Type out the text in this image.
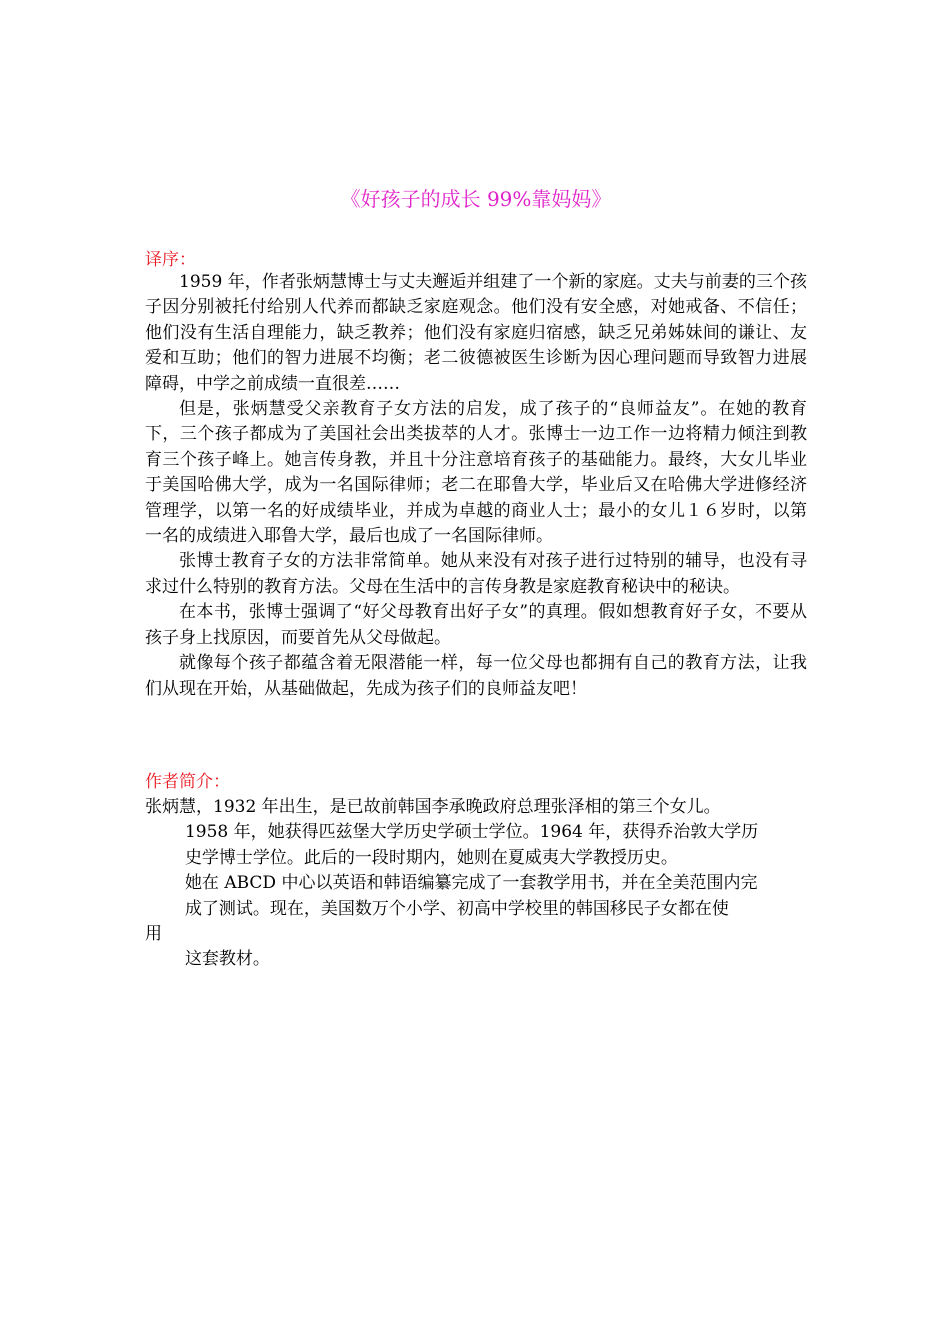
《好孩子的成长 99%靠妈妈》
译序：

1959 年，作者张炳慧博士与丈夫邂逅并组建了一个新的家庭。丈夫与前妻的三个孩子因分别被托付给别人代养而都缺乏家庭观念。他们没有安全感，对她戒备、不信任；他们没有生活自理能力，缺乏教养；他们没有家庭归宿感，缺乏兄弟姊妹间的谦让、友爱和互助；他们的智力进展不均衡；老二彼德被医生诊断为因心理问题而导致智力进展障碍，中学之前成绩一直很差……

但是，张炳慧受父亲教育子女方法的启发，成了孩子的“良师益友”。在她的教育下，三个孩子都成为了美国社会出类拔萃的人才。张博士一边工作一边将精力倾注到教育三个孩子峰上。她言传身教，并且十分注意培育孩子的基础能力。最终，大女儿毕业于美国哈佛大学，成为一名国际律师；老二在耶鲁大学，毕业后又在哈佛大学进修经济管理学，以第一名的好成绩毕业，并成为卓越的商业人士；最小的女儿１６岁时，以第一名的成绩进入耶鲁大学，最后也成了一名国际律师。

张博士教育子女的方法非常简单。她从来没有对孩子进行过特别的辅导，也没有寻求过什么特别的教育方法。父母在生活中的言传身教是家庭教育秘诀中的秘诀。

在本书，张博士强调了“好父母教育出好子女”的真理。假如想教育好子女，不要从孩子身上找原因，而要首先从父母做起。

就像每个孩子都蕴含着无限潜能一样，每一位父母也都拥有自己的教育方法，让我们从现在开始，从基础做起，先成为孩子们的良师益友吧！

作者简介：

张炳慧，1932 年出生，是已故前韩国李承晚政府总理张泽相的第三个女儿。

1958 年，她获得匹兹堡大学历史学硕士学位。1964 年，获得乔治敦大学历

史学博士学位。此后的一段时期内，她则在夏威夷大学教授历史。

她在 ABCD 中心以英语和韩语编纂完成了一套教学用书，并在全美范围内完

成了测试。现在，美国数万个小学、初高中学校里的韩国移民子女都在使

用

这套教材。
